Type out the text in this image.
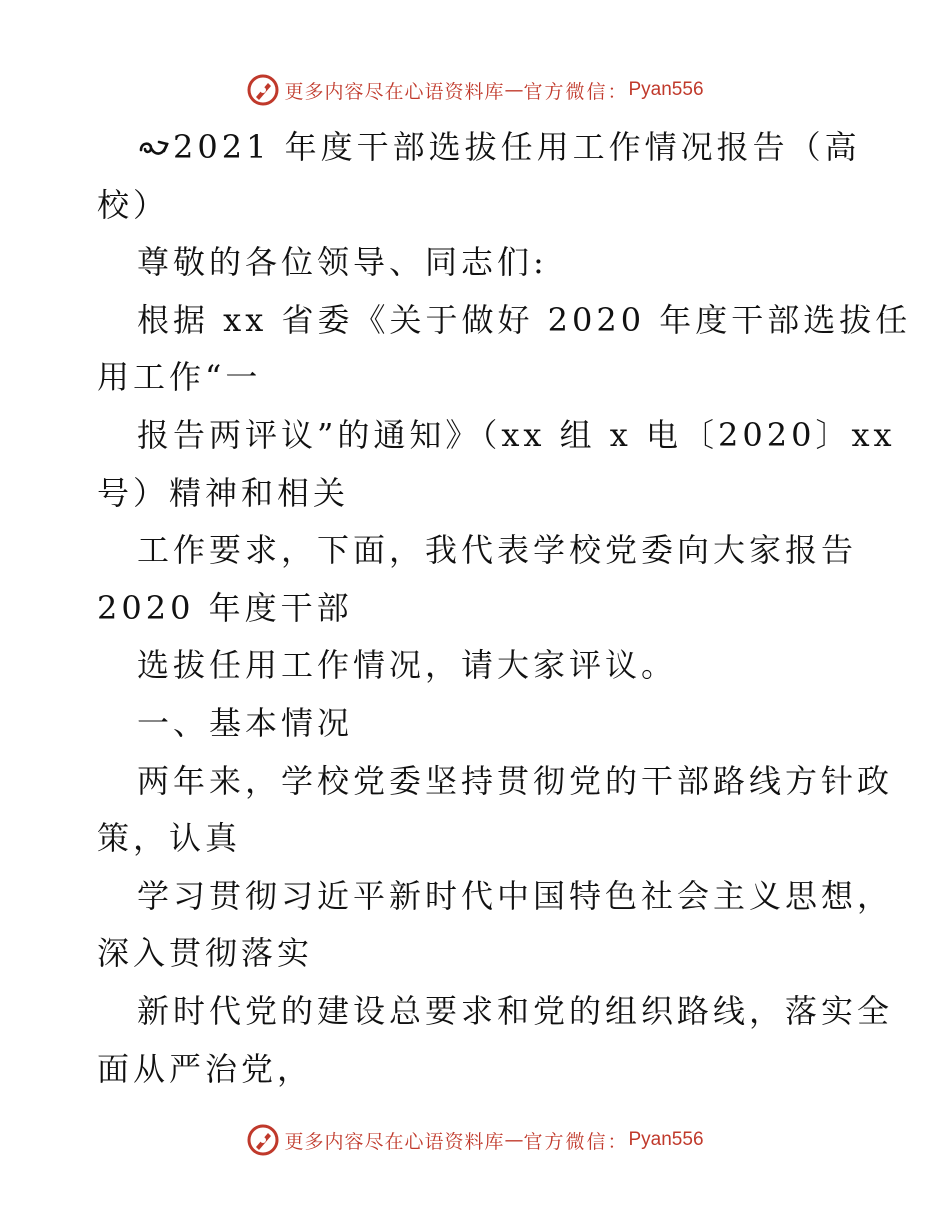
更多内容尽在心语资料库 — 官方微信： Pyan556
2021 年度干部选拔任用工作情况报告（高
校）
尊敬的各位领导、同志们:
根据 xx 省委《关于做好 2020 年度干部选拔任
用工作“一
报告两评议”的通知》（xx 组 x 电〔2020〕xx
号）精神和相关
工作要求，下面，我代表学校党委向大家报告
2020 年度干部
选拔任用工作情况，请大家评议。
一、基本情况
两年来，学校党委坚持贯彻党的干部路线方针政
策，认真
学习贯彻习近平新时代中国特色社会主义思想，
深入贯彻落实
新时代党的建设总要求和党的组织路线，落实全
面从严治党，
更多内容尽在心语资料库 — 官方微信： Pyan556
